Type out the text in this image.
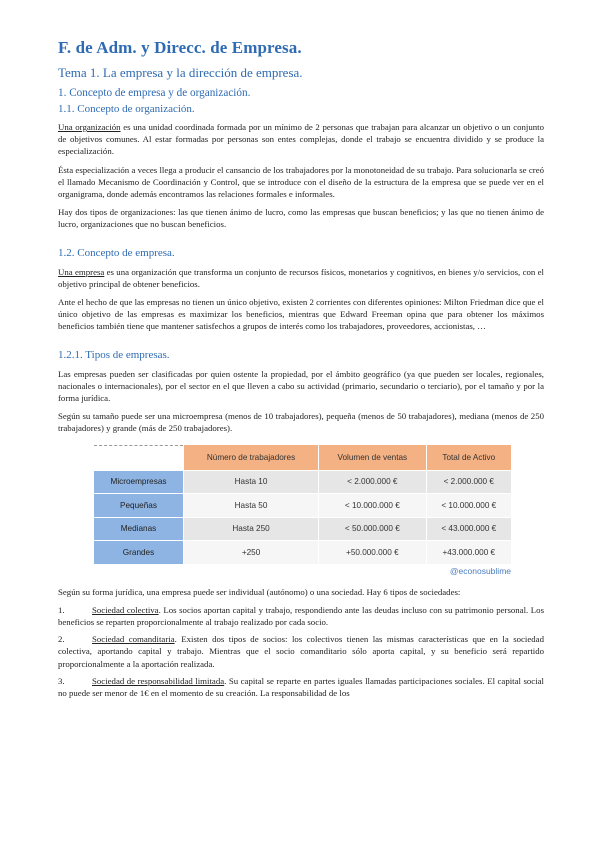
F. de Adm. y Direcc. de Empresa.
Tema 1. La empresa y la dirección de empresa.
1. Concepto de empresa y de organización.
1.1. Concepto de organización.

Una organización es una unidad coordinada formada por un mínimo de 2 personas que trabajan para alcanzar un objetivo o un conjunto de objetivos comunes. Al estar formadas por personas son entes complejas, donde el trabajo se encuentra dividido y se produce la especialización.

Ésta especialización a veces llega a producir el cansancio de los trabajadores por la monotoneidad de su trabajo. Para solucionarla se creó el llamado Mecanismo de Coordinación y Control, que se introduce con el diseño de la estructura de la empresa que se puede ver en el organigrama, donde además encontramos las relaciones formales e informales.

Hay dos tipos de organizaciones: las que tienen ánimo de lucro, como las empresas que buscan beneficios; y las que no tienen ánimo de lucro, organizaciones que no buscan beneficios.

1.2. Concepto de empresa.

Una empresa es una organización que transforma un conjunto de recursos físicos, monetarios y cognitivos, en bienes y/o servicios, con el objetivo principal de obtener beneficios.

Ante el hecho de que las empresas no tienen un único objetivo, existen 2 corrientes con diferentes opiniones: Milton Friedman dice que el único objetivo de las empresas es maximizar los beneficios, mientras que Edward Freeman opina que para obtener los máximos beneficios también tiene que mantener satisfechos a grupos de interés como los trabajadores, proveedores, accionistas, …

1.2.1. Tipos de empresas.

Las empresas pueden ser clasificadas por quien ostente la propiedad, por el ámbito geográfico (ya que pueden ser locales, regionales, nacionales o internacionales), por el sector en el que lleven a cabo su actividad (primario, secundario o terciario), por el tamaño y por la forma jurídica.

Según su tamaño puede ser una microempresa (menos de 10 trabajadores), pequeña (menos de 50 trabajadores), mediana (menos de 250 trabajadores) y grande (más de 250 trabajadores).

	Número de trabajadores	Volumen de ventas	Total de Activo
Microempresas	Hasta 10	< 2.000.000 €	< 2.000.000 €
Pequeñas	Hasta 50	< 10.000.000 €	< 10.000.000 €
Medianas	Hasta 250	< 50.000.000 €	< 43.000.000 €
Grandes	+250	+50.000.000 €	+43.000.000 €
@econosublime

Según su forma jurídica, una empresa puede ser individual (autónomo) o una sociedad. Hay 6 tipos de sociedades:

1.	Sociedad colectiva. Los socios aportan capital y trabajo, respondiendo ante las deudas incluso con su patrimonio personal. Los beneficios se reparten proporcionalmente al trabajo realizado por cada socio.
2.	Sociedad comanditaria. Existen dos tipos de socios: los colectivos tienen las mismas características que en la sociedad colectiva, aportando capital y trabajo. Mientras que el socio comanditario sólo aporta capital, y su beneficio será repartido proporcionalmente a la aportación realizada.
3.	Sociedad de responsabilidad limitada. Su capital se reparte en partes iguales llamadas participaciones sociales. El capital social no puede ser menor de 1€ en el momento de su creación. La responsabilidad de los
